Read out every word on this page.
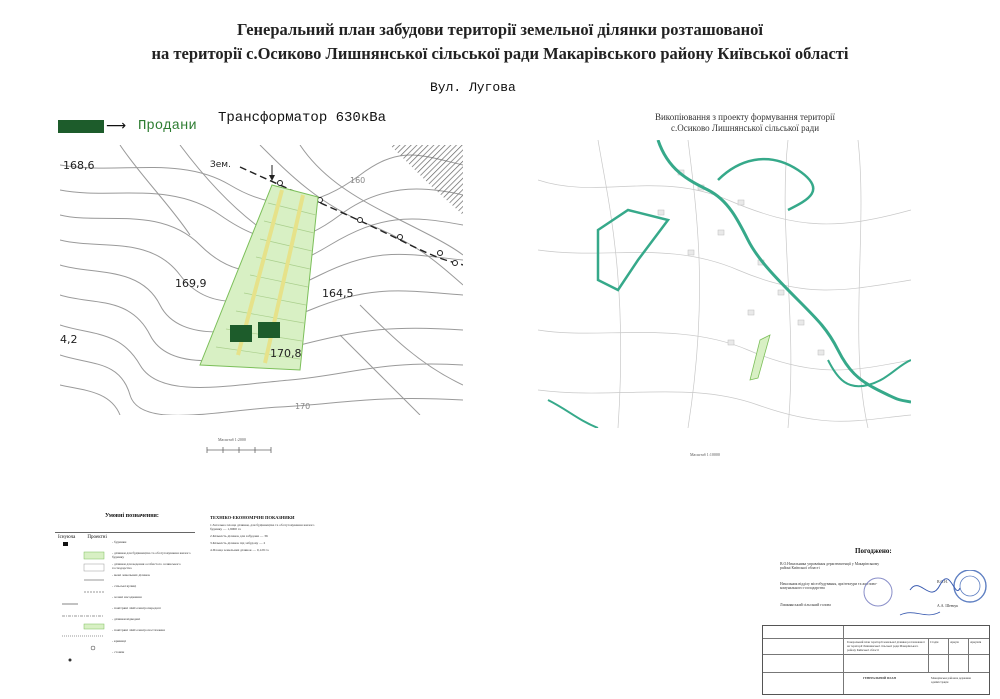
Генеральний план забудови території земельної ділянки розташованої
на території с.Осиково Лишнянської сільської ради Макарівського району Київської області
Вул. Лугова
⟶ Продани Трансформатор 630кВа
168,6
169,9
164,5
170,8
4,2
Зем.
160
170
Масштаб 1:2000
Викопіювання з проекту формування території
с.Осиково Лишнянської сільської ради
Масштаб 1:10000
Умовні позначення:
Існуюча Проектні
- будинки
- ділянки для будівництва та обслуговування жилого будинку
- ділянки для ведення особистого селянського господарства
- межі земельних ділянок
- сільські вулиці
- зелені насадження
- повітряні лінії електропередачі
- ділянки відведені
- повітряні лінії електропостачання
- криниці
- стовпи
ТЕХНІКО-ЕКОНОМІЧНІ ПОКАЗНИКИ
1.Загальна площа ділянки, для будівництва та обслуговування жилого будинку — 1,9000 га
2.Кількість ділянок для забудови — 36
3.Кількість ділянок під забудову — 2
4.Площа земельних ділянок — 0,129 га	Погоджено:
В.О.Начальника управління держземагенції у Макарівському районі Київської області
Начальник відділу містобудування, архітектури та житлово-комунального господарства
Лишнянський сільський голова
В.О.Н.
А.А. Шевчук
Генеральний план території земельної ділянки розташованої на території Лишнянської сільської ради Макарівського району Київської області
Стадія	Аркуш	Аркушів
ГЕНЕРАЛЬНИЙ ПЛАН	Макарівська районна державна адміністрація
